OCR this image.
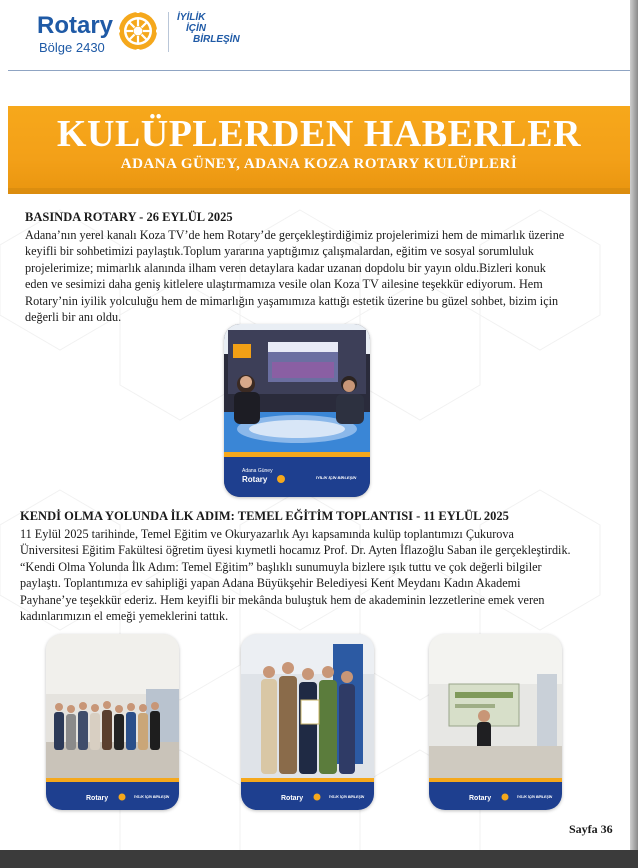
Rotary
Bölge 2430
İYİLİK
İÇİN
BİRLEŞİN
KULÜPLERDEN HABERLER
ADANA GÜNEY, ADANA KOZA ROTARY KULÜPLERİ
BASINDA ROTARY - 26 EYLÜL 2025
Adana’nın yerel kanalı Koza TV’de hem Rotary’de gerçekleştirdiğimiz projelerimizi hem de mimarlık üzerine
keyifli bir sohbetimizi paylaştık.Toplum yararına yaptığımız çalışmalardan, eğitim ve sosyal sorumluluk
projelerimize; mimarlık alanında ilham veren detaylara kadar uzanan dopdolu bir yayın oldu.Bizleri konuk
eden ve sesimizi daha geniş kitlelere ulaştırmamıza vesile olan Koza TV ailesine teşekkür ediyorum. Hem
Rotary’nin iyilik yolculuğu hem de mimarlığın yaşamımıza kattığı estetik üzerine bu güzel sohbet, bizim için
değerli bir anı oldu.
Adana Güney
Rotary	İYİLİK İÇİN BİRLEŞİN
KENDİ OLMA YOLUNDA İLK ADIM: TEMEL EĞİTİM TOPLANTISI - 11 EYLÜL 2025
11 Eylül 2025 tarihinde, Temel Eğitim ve Okuryazarlık Ayı kapsamında kulüp toplantımızı Çukurova
Üniversitesi Eğitim Fakültesi öğretim üyesi kıymetli hocamız Prof. Dr. Ayten İflazoğlu Saban ile gerçekleştirdik.
“Kendi Olma Yolunda İlk Adım: Temel Eğitim” başlıklı sunumuyla bizlere ışık tuttu ve çok değerli bilgiler
paylaştı. Toplantımıza ev sahipliği yapan Adana Büyükşehir Belediyesi Kent Meydanı Kadın Akademi
Payhane’ye teşekkür ederiz. Hem keyifli bir mekânda buluştuk hem de akademinin lezzetlerine emek veren
kadınlarımızın el emeği yemeklerini tattık.
Rotary	İYİLİK İÇİN BİRLEŞİN	Rotary	İYİLİK İÇİN BİRLEŞİN	Rotary	İYİLİK İÇİN BİRLEŞİN
Sayfa 36
